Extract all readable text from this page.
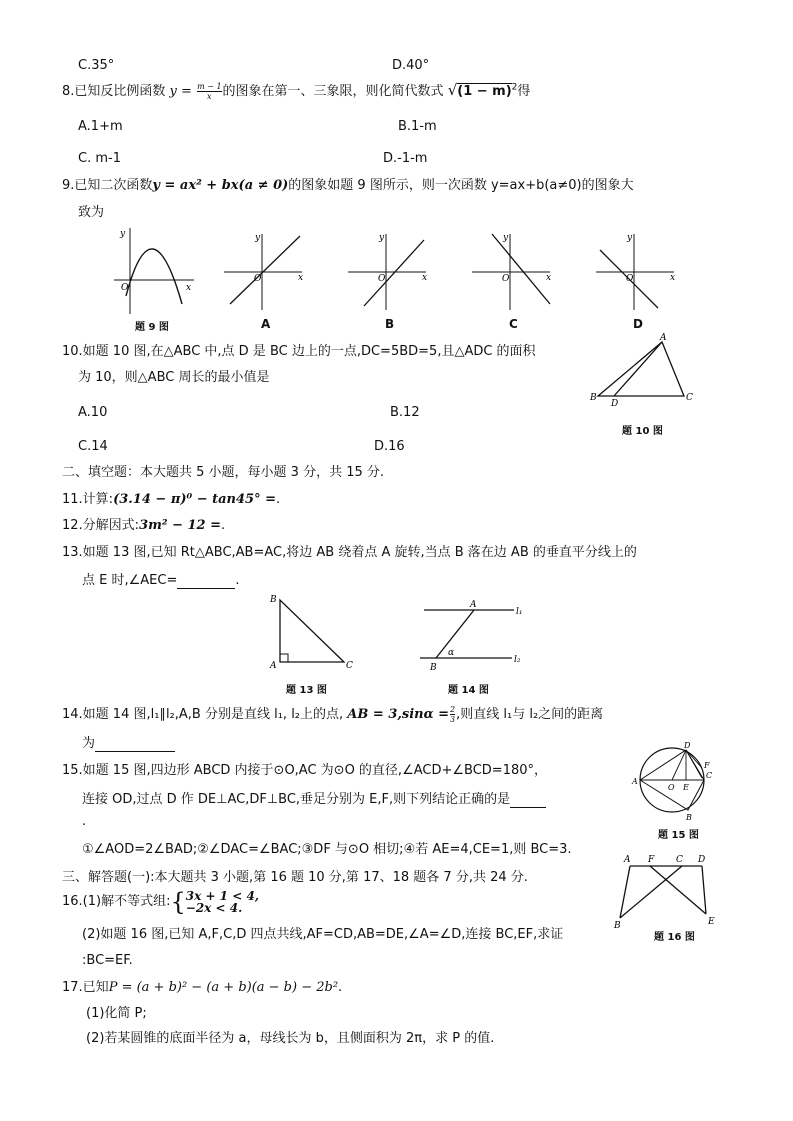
C.35°	D.40°
8.已知反比例函数 $y = \frac{m - 1}{x}$ 的图象在第一、三象限，则化简代数式 $√(1 - m)^2$得
A.1+m	B.1-m
C. m-1	D.-1-m
9.已知二次函数y = ax² + bx(a ≠ 0)的图象如题 9 图所示，则一次函数 y=ax+b(a≠0)的图象大
致为
y
x
O
题 9 图
y
x
O
A
y
x
O
B
y
x
O
C
y
x
O
D
10.如题 10 图,在△ABC 中,点 D 是 BC 边上的一点,DC=5BD=5,且△ADC 的面积
为 10，则△ABC 周长的最小值是
A.10	B.12
C.14	D.16
A
B
D
C
题 10 图
二、填空题：本大题共 5 小题，每小题 3 分，共 15 分.
11.计算:(3.14 − π)⁰ − tan45° =.
12.分解因式:3m² − 12 =.
13.如题 13 图,已知 Rt△ABC,AB=AC,将边 AB 绕着点 A 旋转,当点 B 落在边 AB 的垂直平分线上的
点 E 时,∠AEC=	.
B
A	C
题 13 图
A
l₁
α
B
l₂
题 14 图
14.如题 14 图,l₁∥l₂,A,B 分别是直线 l₁, l₂上的点, AB = $3,\sin\alpha = \frac{2}{3}$ ,则直线 l₁与 l₂之间的距离
为
15.如题 15 图,四边形 ABCD 内接于⊙O,AC 为⊙O 的直径,∠ACD+∠BCD=180°，
连接 OD,过点 D 作 DE⊥AC,DF⊥BC,垂足分别为 E,F,则下列结论正确的是
.
①∠AOD=2∠BAD;②∠DAC=∠BAC;③DF 与⊙O 相切;④若 AE=4,CE=1,则 BC=3.
D
A
O E
F
C
B
题 15 图
三、解答题(一):本大题共 3 小题,第 16 题 10 分,第 17、18 题各 7 分,共 24 分.
16.(1)解不等式组:{ 3x + 1 < 4,
−2x < 4.
(2)如题 16 图,已知 A,F,C,D 四点共线,AF=CD,AB=DE,∠A=∠D,连接 BC,EF,求证
:BC=EF.
A F C D
B	E
题 16 图
17.已知P = (a + b)² − (a + b)(a − b) − 2b².
(1)化简 P;
(2)若某圆锥的底面半径为 a，母线长为 b，且侧面积为 2π，求 P 的值.
